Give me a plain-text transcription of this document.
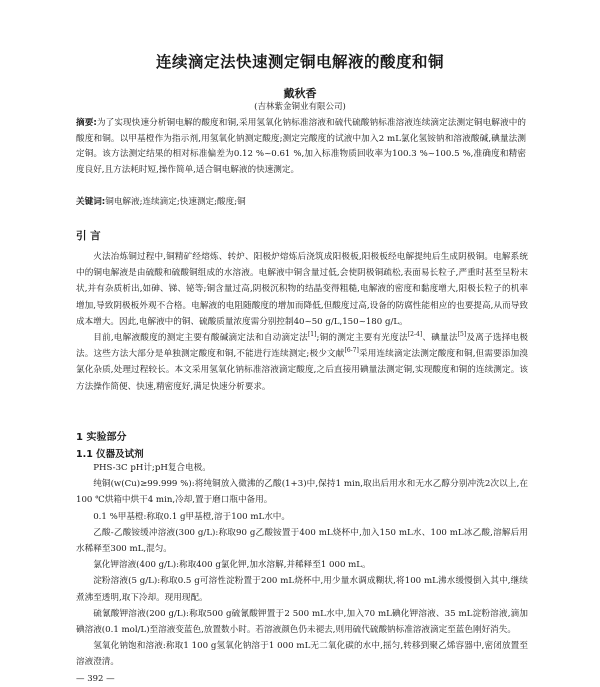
连续滴定法快速测定铜电解液的酸度和铜
戴秋香
(吉林紫金铜业有限公司)
摘要:为了实现快速分析铜电解的酸度和铜,采用氢氧化钠标准溶液和硫代硫酸钠标准溶液连续滴定法测定铜电解液中的酸度和铜。以甲基橙作为指示剂,用氢氧化钠测定酸度;测定完酸度的试液中加入2 mL氯化氢铵钠和溶液酸碱,碘量法测定铜。该方法测定结果的相对标准偏差为0.12 %~0.61 %,加入标准物质回收率为100.3 %~100.5 %,准确度和精密度良好,且方法耗时短,操作简单,适合铜电解液的快速测定。
关键词:铜电解液;连续滴定;快速测定;酸度;铜
引 言

火法冶炼铜过程中,铜精矿经熔炼、转炉、阳极炉熔炼后浇筑成阳极板,阳极板经电解提纯后生成阴极铜。电解系统中的铜电解液是由硫酸和硫酸铜组成的水溶液。电解液中铜含量过低,会使阴极铜疏松,表面易长粒子,严重时甚至呈粉末状,并有杂质析出,如砷、锑、铋等;铜含量过高,阴极沉积物的结晶变得粗糙,电解液的密度和黏度增大,阳极长粒子的机率增加,导致阴极板外观不合格。电解液的电阻随酸度的增加而降低,但酸度过高,设备的防腐性能相应的也要提高,从而导致成本增大。因此,电解液中的铜、硫酸质量浓度需分别控制40~50 g/L,150~180 g/L。

目前,电解液酸度的测定主要有酸碱滴定法和自动滴定法[1];铜的测定主要有光度法[2-4]、碘量法[5]及离子选择电极法。这些方法大部分是单独测定酸度和铜,不能进行连续测定;极少文献[6-7]采用连续滴定法测定酸度和铜,但需要添加溴氯化杂质,处理过程较长。本文采用氢氧化钠标准溶液滴定酸度,之后直接用碘量法测定铜,实现酸度和铜的连续测定。该方法操作简便、快速,精密度好,满足快速分析要求。

1 实验部分
1.1 仪器及试剂

PHS-3C pH计;pH复合电极。

纯铜(w(Cu)≥99.999 %):将纯铜放入微沸的乙酸(1+3)中,保持1 min,取出后用水和无水乙醇分别冲洗2次以上,在100 ℃烘箱中烘干4 min,冷却,置于磨口瓶中备用。

0.1 %甲基橙:称取0.1 g甲基橙,溶于100 mL水中。

乙酸-乙酸铵缓冲溶液(300 g/L):称取90 g乙酸铵置于400 mL烧杯中,加入150 mL水、100 mL冰乙酸,溶解后用水稀释至300 mL,混匀。

氯化钾溶液(400 g/L):称取400 g氯化钾,加水溶解,并稀释至1 000 mL。

淀粉溶液(5 g/L):称取0.5 g可溶性淀粉置于200 mL烧杯中,用少量水调成糊状,将100 mL沸水缓慢倒入其中,继续煮沸至透明,取下冷却。现用现配。

硫氰酸钾溶液(200 g/L):称取500 g硫氰酸钾置于2 500 mL水中,加入70 mL碘化钾溶液、35 mL淀粉溶液,滴加碘溶液(0.1 mol/L)至溶液变蓝色,放置数小时。若溶液颜色仍未褪去,则用硫代硫酸钠标准溶液滴定至蓝色刚好消失。

氢氧化钠饱和溶液:称取1 100 g氢氧化钠溶于1 000 mL无二氧化碳的水中,摇匀,转移到聚乙烯容器中,密闭放置至溶液澄清。

— 392 —
